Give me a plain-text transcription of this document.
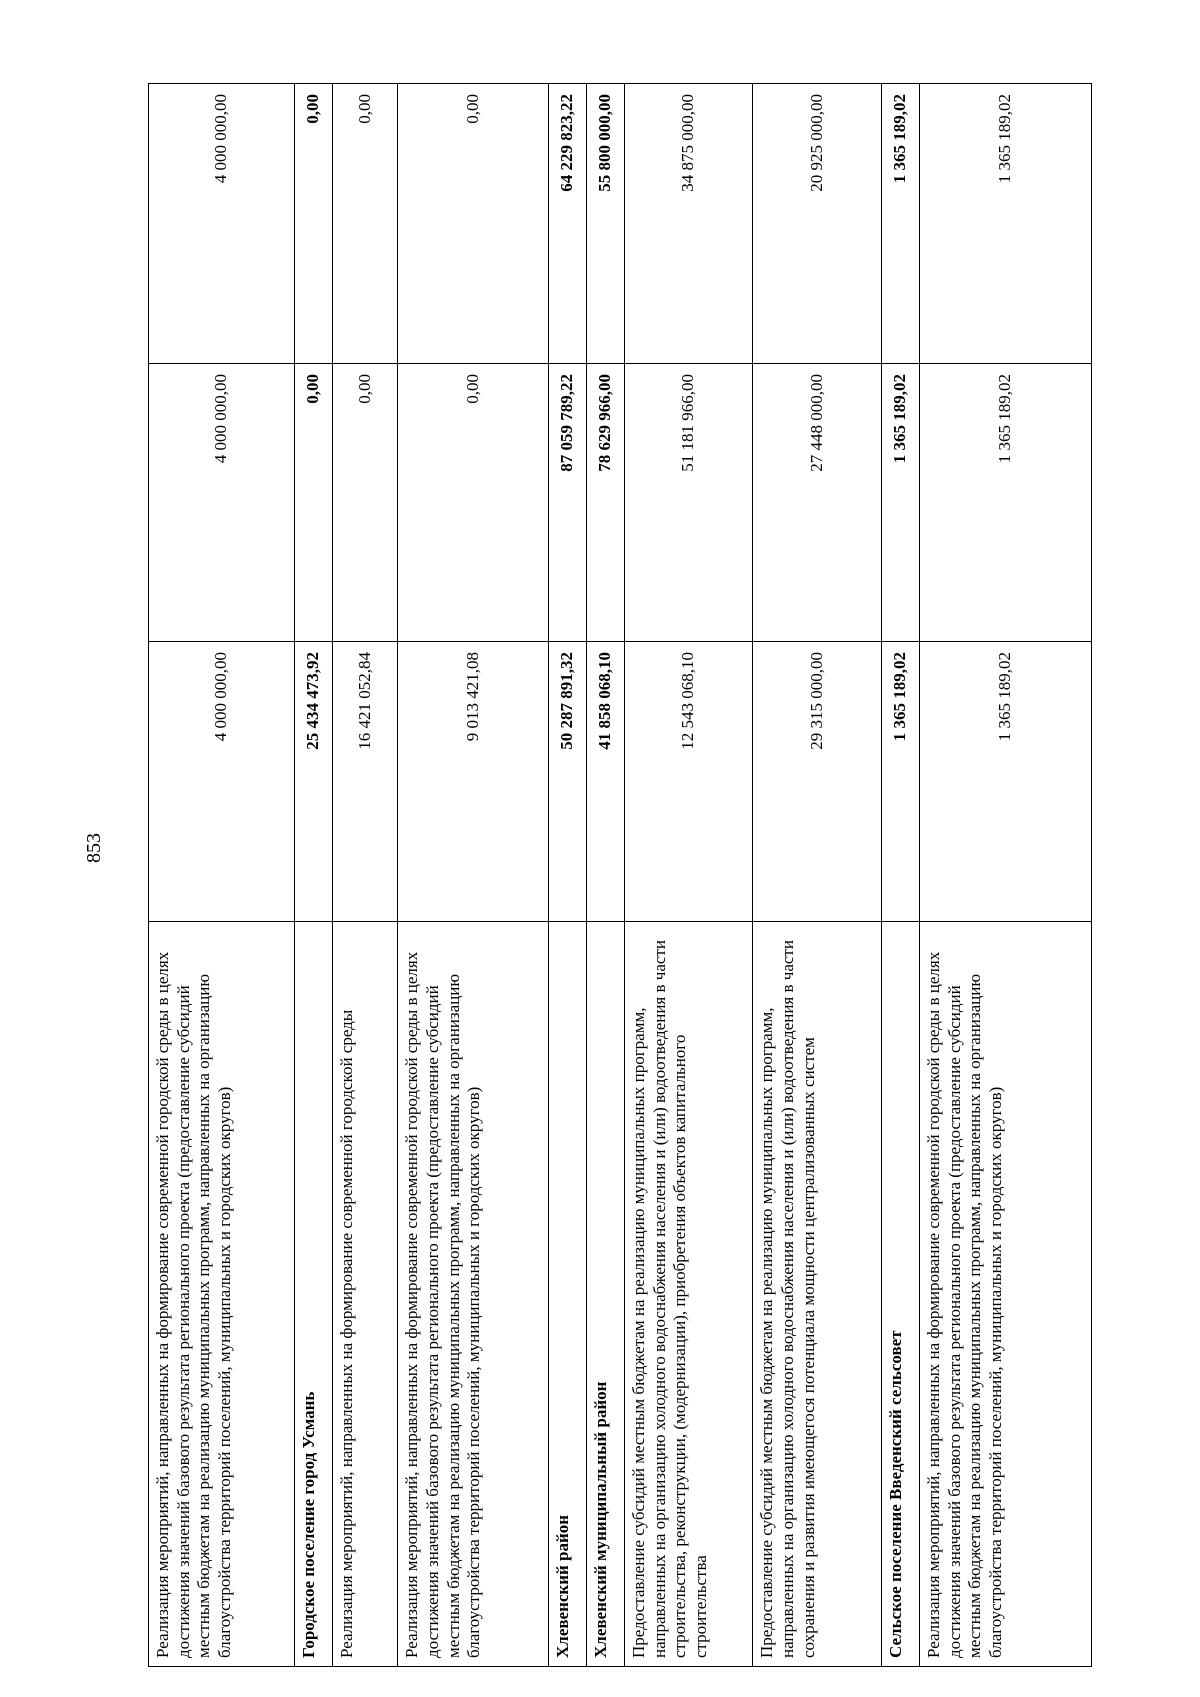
853
Реализация мероприятий, направленных на формирование современной городской среды в целях достижения значений базового результата регионального проекта (предоставление субсидий местным бюджетам на реализацию муниципальных программ, направленных на организацию благоустройства территорий поселений, муниципальных и городских округов)	4 000 000,00	4 000 000,00	4 000 000,00
Городское поселение город Усмань	25 434 473,92	0,00	0,00
Реализация мероприятий, направленных на формирование современной городской среды	16 421 052,84	0,00	0,00
Реализация мероприятий, направленных на формирование современной городской среды в целях достижения значений базового результата регионального проекта (предоставление субсидий местным бюджетам на реализацию муниципальных программ, направленных на организацию благоустройства территорий поселений, муниципальных и городских округов)	9 013 421,08	0,00	0,00
Хлевенский район	50 287 891,32	87 059 789,22	64 229 823,22
Хлевенский муниципальный район	41 858 068,10	78 629 966,00	55 800 000,00
Предоставление субсидий местным бюджетам на реализацию муниципальных программ, направленных на организацию холодного водоснабжения населения и (или) водоотведения в части строительства, реконструкции, (модернизации), приобретения объектов капитального строительства	12 543 068,10	51 181 966,00	34 875 000,00
Предоставление субсидий местным бюджетам на реализацию муниципальных программ, направленных на организацию холодного водоснабжения населения и (или) водоотведения в части сохранения и развития имеющегося потенциала мощности централизованных систем	29 315 000,00	27 448 000,00	20 925 000,00
Сельское поселение Введенский сельсовет	1 365 189,02	1 365 189,02	1 365 189,02
Реализация мероприятий, направленных на формирование современной городской среды в целях достижения значений базового результата регионального проекта (предоставление субсидий местным бюджетам на реализацию муниципальных программ, направленных на организацию благоустройства территорий поселений, муниципальных и городских округов)	1 365 189,02	1 365 189,02	1 365 189,02
